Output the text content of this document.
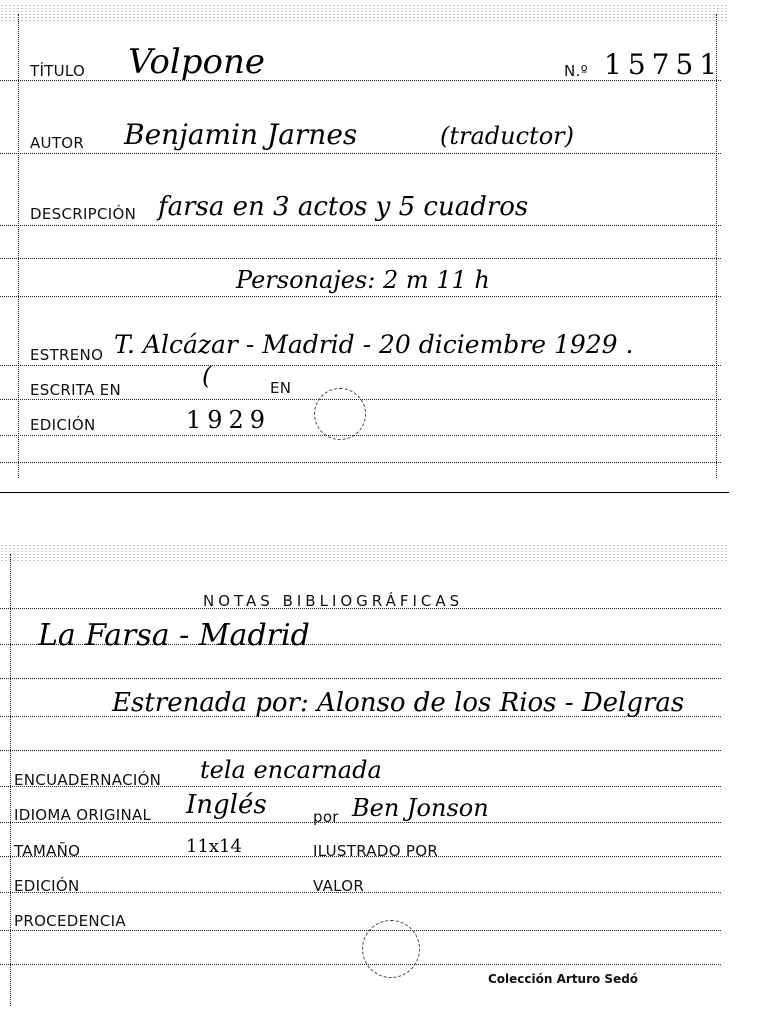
TÍTULO Volpone	N.º 15751
AUTOR Benjamin Jarnes	(traductor)
DESCRIPCIÓN farsa en 3 actos y 5 cuadros
Personajes: 2 m 11 h
ESTRENO T. Alcázar - Madrid - 20 diciembre 1929 .
ESCRITA EN	(	EN
EDICIÓN	1929
NOTAS BIBLIOGRÁFICAS
La Farsa - Madrid
Estrenada por: Alonso de los Rios - Delgras
ENCUADERNACIÓN tela encarnada
IDIOMA ORIGINAL Inglés	por Ben Jonson
TAMAÑO	11x14	ILUSTRADO POR
EDICIÓN	VALOR
PROCEDENCIA
Colección Arturo Sedó
